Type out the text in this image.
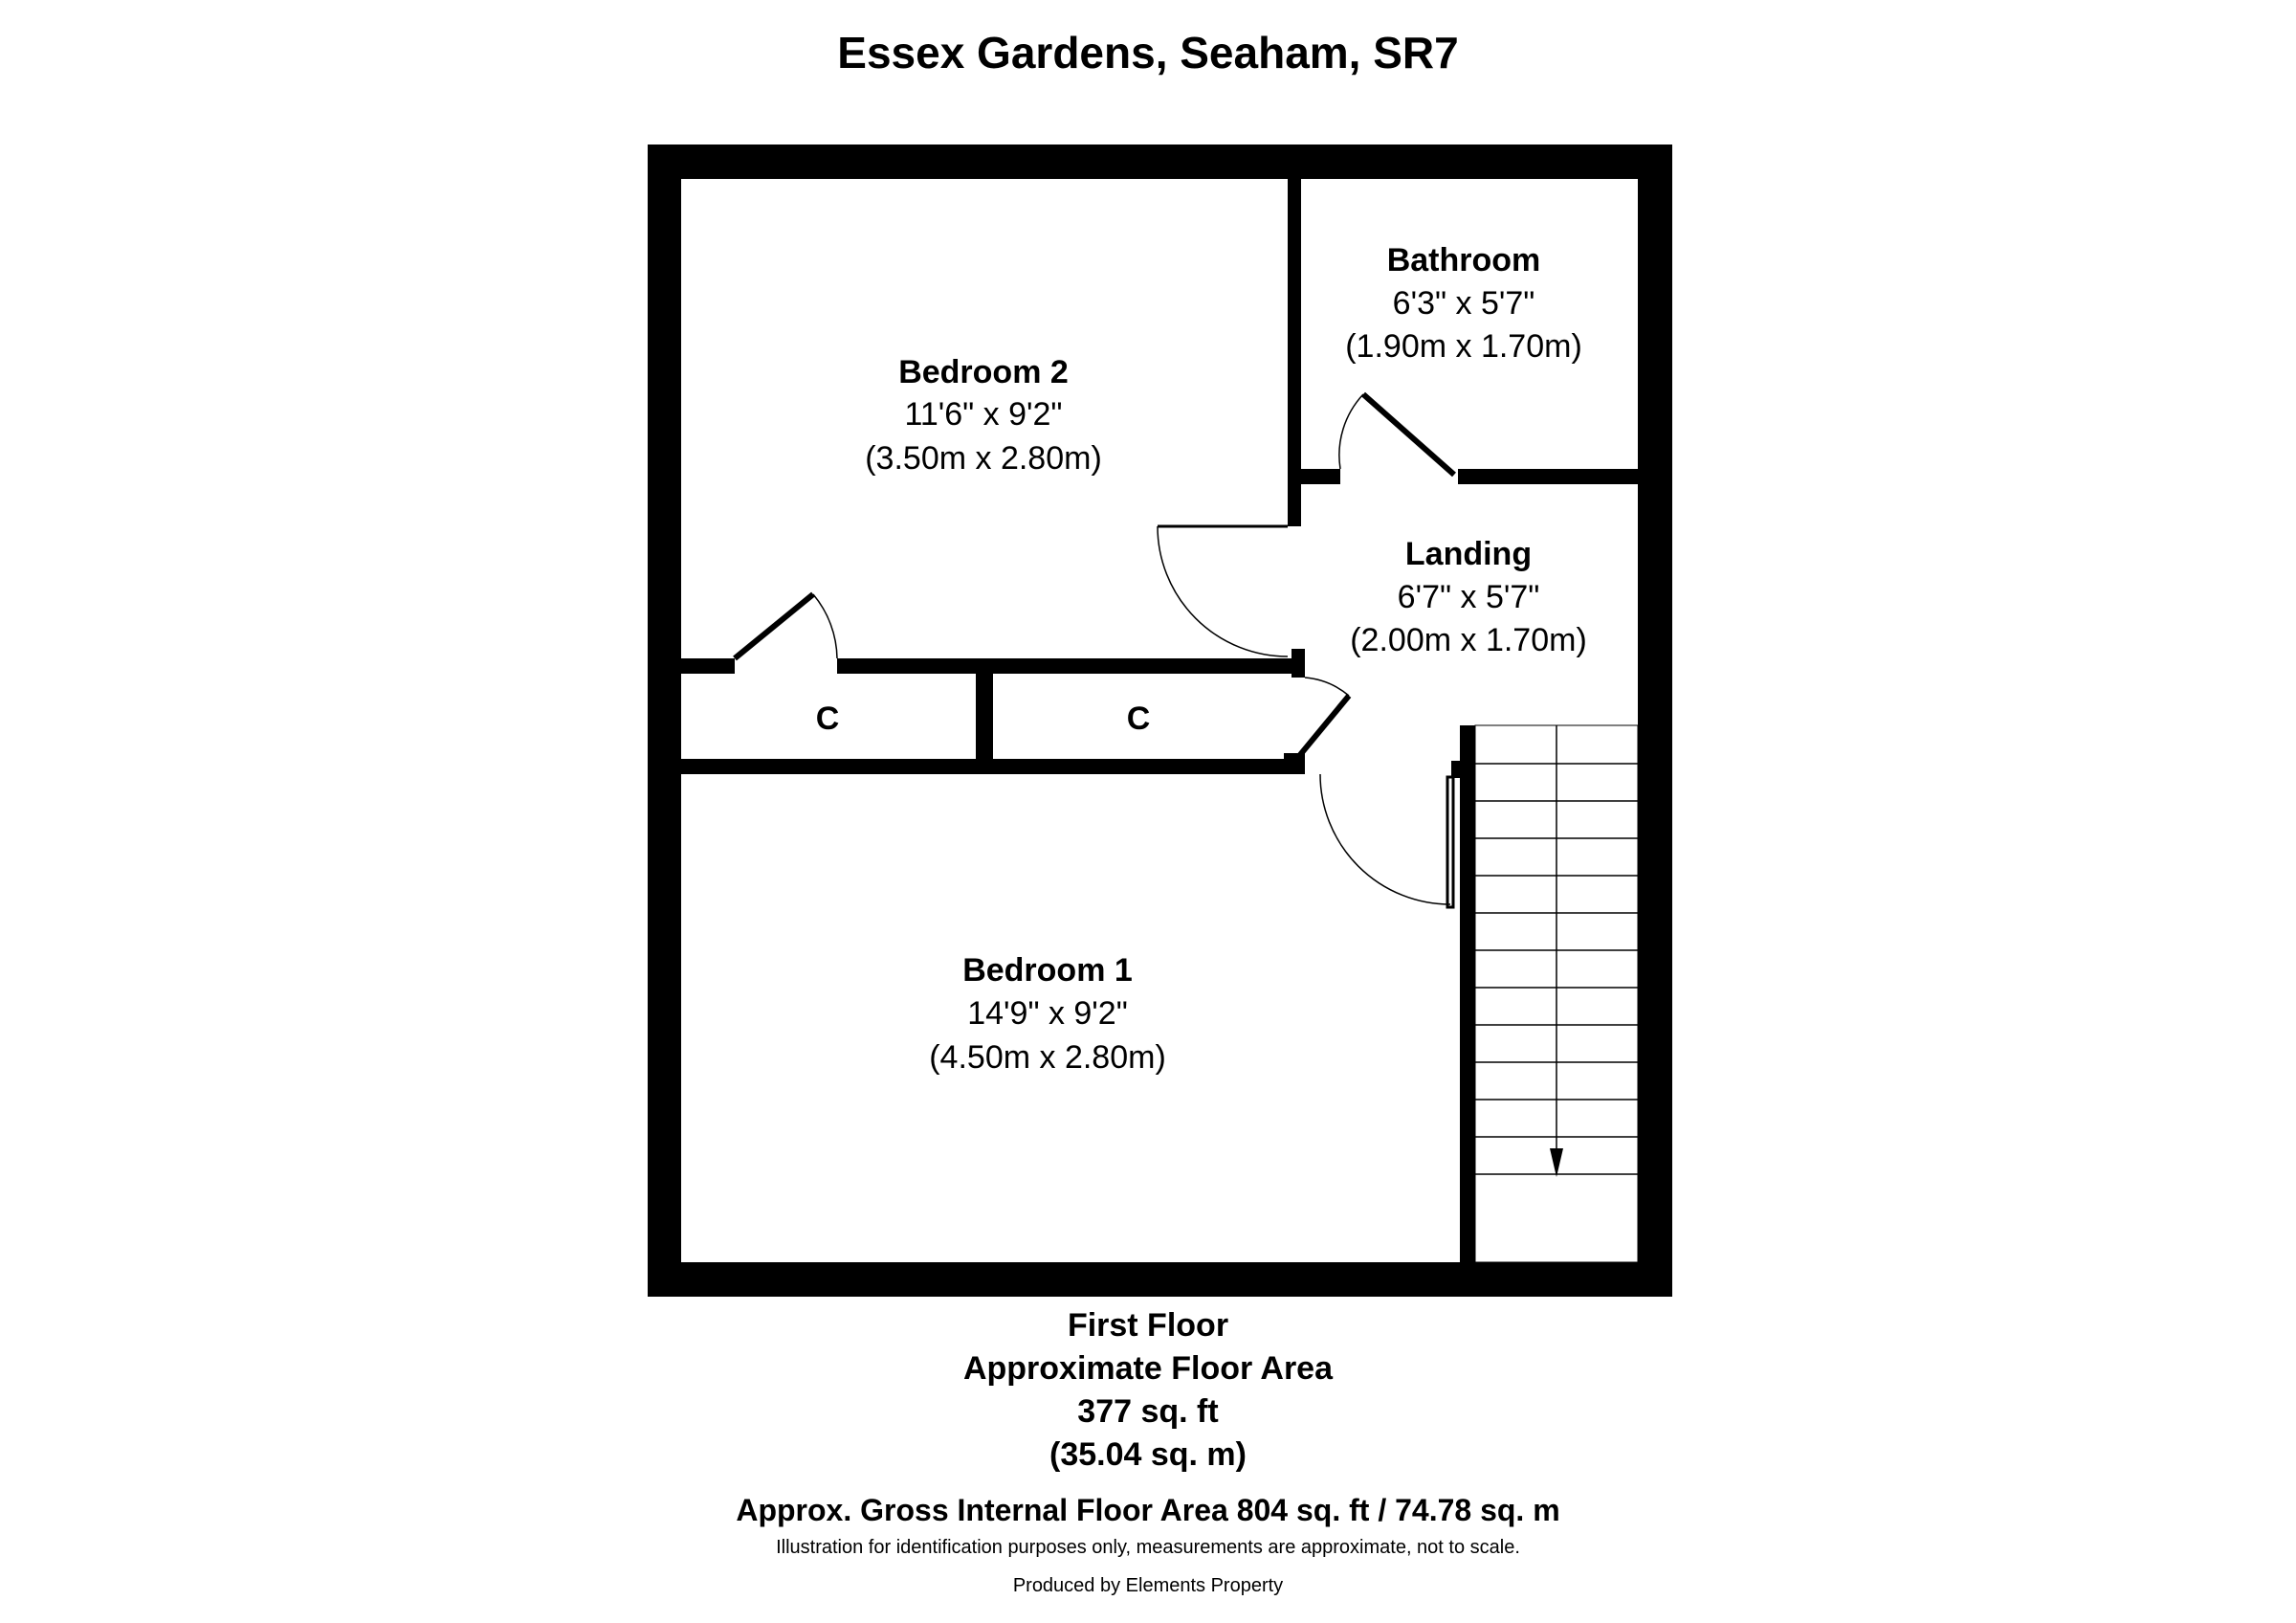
Essex Gardens, Seaham, SR7
Bedroom 2
11'6" x 9'2"
(3.50m x 2.80m)
Bathroom
6'3" x 5'7"
(1.90m x 1.70m)
Landing
6'7" x 5'7"
(2.00m x 1.70m)
Bedroom 1
14'9" x 9'2"
(4.50m x 2.80m)
C	C
First Floor
Approximate Floor Area
377 sq. ft
(35.04 sq. m)
Approx. Gross Internal Floor Area 804 sq. ft / 74.78 sq. m
Illustration for identification purposes only, measurements are approximate, not to scale.
Produced by Elements Property
